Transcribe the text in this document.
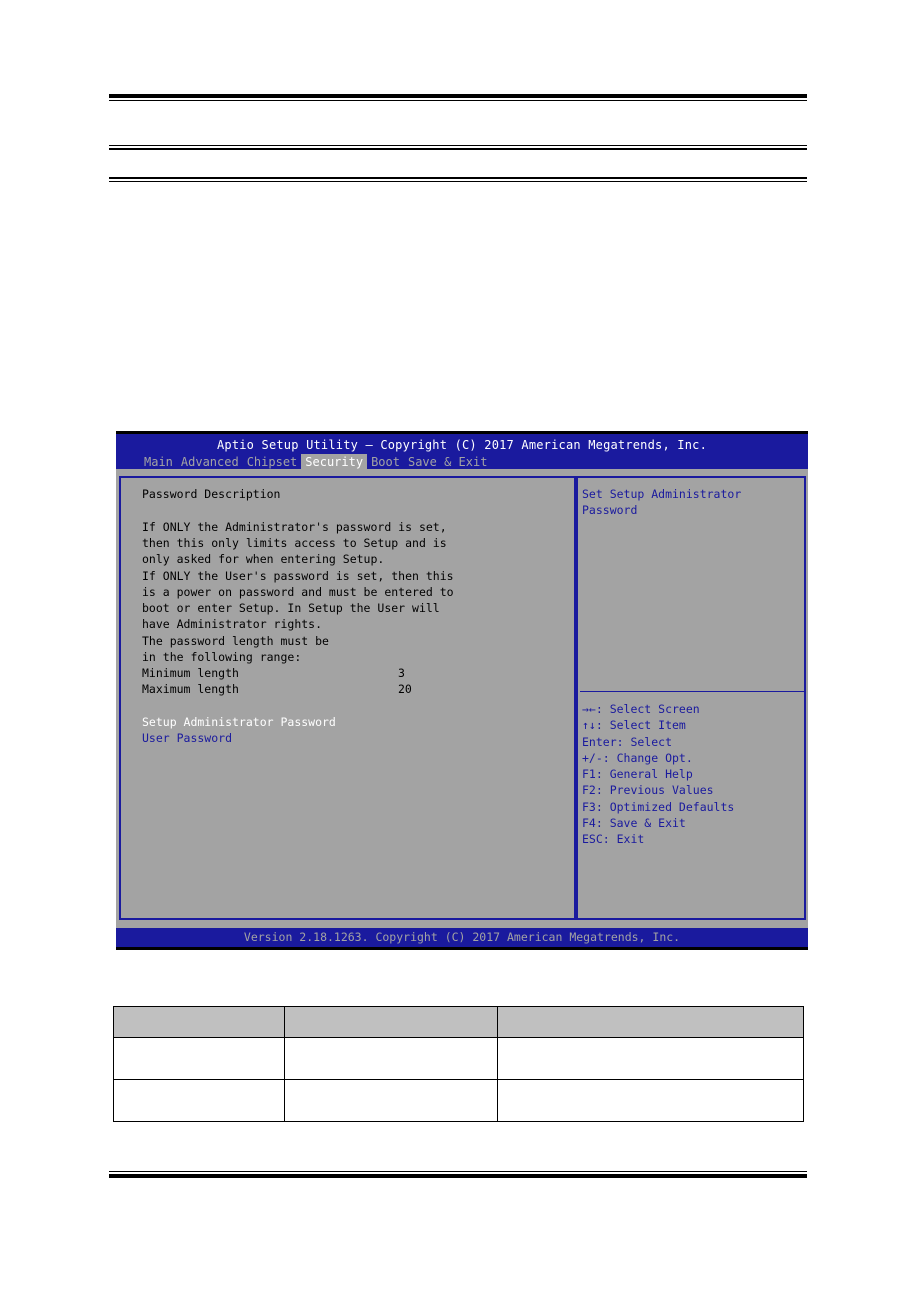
Aptio Setup Utility – Copyright (C) 2017 American Megatrends, Inc.
Main Advanced Chipset Security Boot Save & Exit
Password Description
If ONLY the Administrator's password is set,
then this only limits access to Setup and is
only asked for when entering Setup.
If ONLY the User's password is set, then this
is a power on password and must be entered to
boot or enter Setup. In Setup the User will
have Administrator rights.
The password length must be
in the following range:
Minimum length	3
Maximum length	20
Setup Administrator Password
User Password
Set Setup Administrator
Password
→←: Select Screen
↑↓: Select Item
Enter: Select
+/-: Change Opt.
F1: General Help
F2: Previous Values
F3: Optimized Defaults
F4: Save & Exit
ESC: Exit
Version 2.18.1263. Copyright (C) 2017 American Megatrends, Inc.
